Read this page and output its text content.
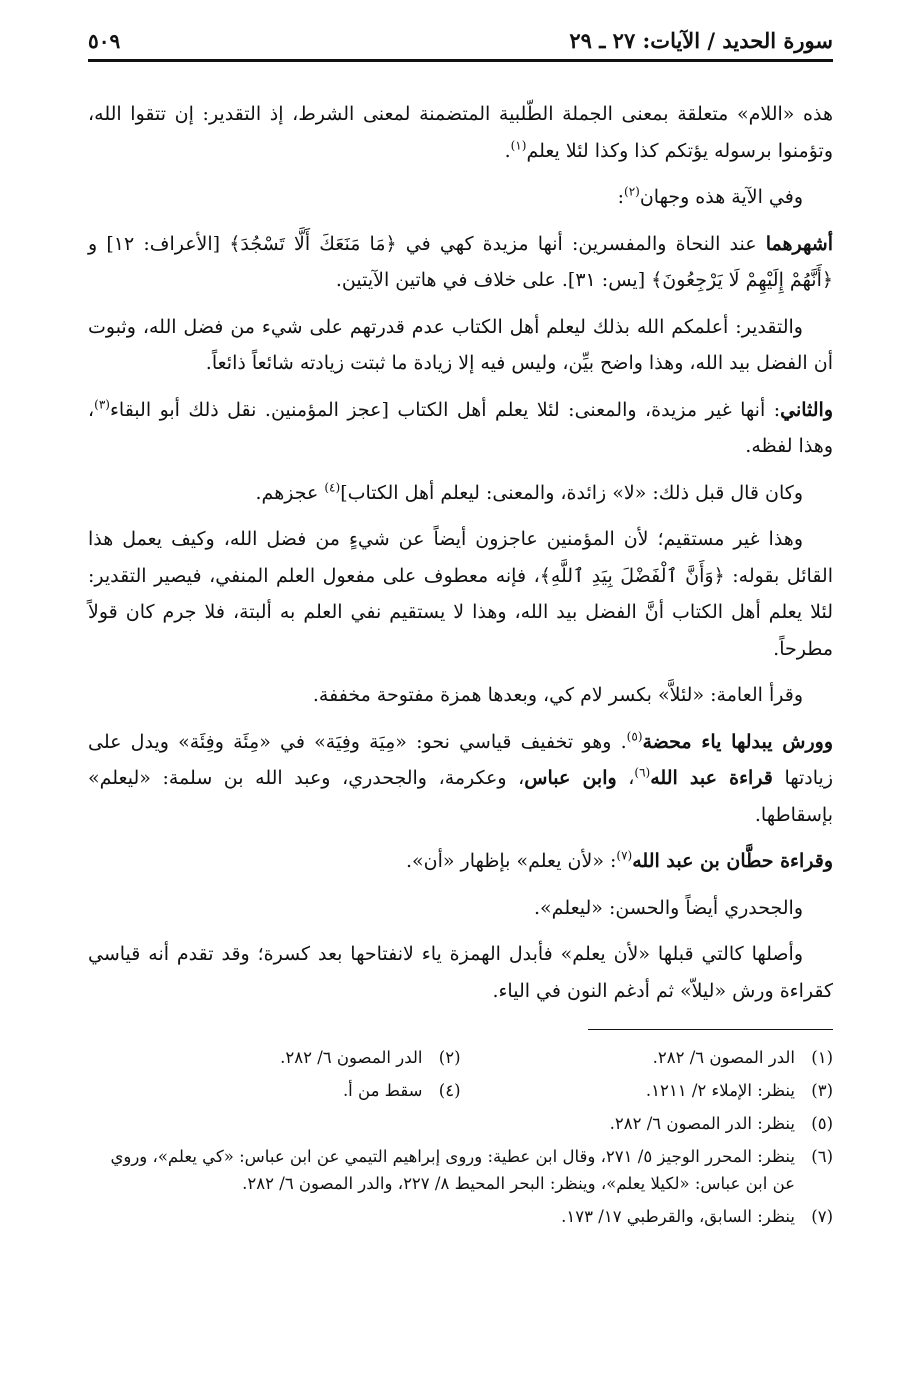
سورة الحديد / الآيات: ٢٧ ـ ٢٩
٥٠٩

هذه «اللام» متعلقة بمعنى الجملة الطّلبية المتضمنة لمعنى الشرط، إذ التقدير: إن تتقوا الله، وتؤمنوا برسوله يؤتكم كذا وكذا لئلا يعلم$^{(١)}$.

وفي الآية هذه وجهان$^{(٢)}$:

أشهرهما عند النحاة والمفسرين: أنها مزيدة كهي في ﴿مَا مَنَعَكَ أَلَّا تَسْجُدَ﴾ [الأعراف: ١٢] و ﴿أَنَّهُمْ إِلَيْهِمْ لَا يَرْجِعُونَ﴾ [يس: ٣١]. على خلاف في هاتين الآيتين.

والتقدير: أعلمكم الله بذلك ليعلم أهل الكتاب عدم قدرتهم على شيء من فضل الله، وثبوت أن الفضل بيد الله، وهذا واضح بيِّن، وليس فيه إلا زيادة ما ثبتت زيادته شائعاً ذائعاً.

والثاني: أنها غير مزيدة، والمعنى: لئلا يعلم أهل الكتاب [عجز المؤمنين. نقل ذلك أبو البقاء$^{(٣)}$، وهذا لفظه.

وكان قال قبل ذلك: «لا» زائدة، والمعنى: ليعلم أهل الكتاب]$^{(٤)}$ عجزهم.

وهذا غير مستقيم؛ لأن المؤمنين عاجزون أيضاً عن شيءٍ من فضل الله، وكيف يعمل هذا القائل بقوله: ﴿وَأَنَّ ٱلْفَضْلَ بِيَدِ ٱللَّهِ﴾، فإنه معطوف على مفعول العلم المنفي، فيصير التقدير: لئلا يعلم أهل الكتاب أنَّ الفضل بيد الله، وهذا لا يستقيم نفي العلم به ألبتة، فلا جرم كان قولاً مطرحاً.

وقرأ العامة: «لئلاَّ» بكسر لام كي، وبعدها همزة مفتوحة مخففة.

وورش يبدلها ياء محضة$^{(٥)}$. وهو تخفيف قياسي نحو: «مِيَة وفِيَة» في «مِئَة وفِئَة» ويدل على زيادتها قراءة عبد الله$^{(٦)}$، وابن عباس، وعكرمة، والجحدري، وعبد الله بن سلمة: «ليعلم» بإسقاطها.

وقراءة حطَّان بن عبد الله$^{(٧)}$: «لأن يعلم» بإظهار «أن».

والجحدري أيضاً والحسن: «ليعلم».

وأصلها كالتي قبلها «لأن يعلم» فأبدل الهمزة ياء لانفتاحها بعد كسرة؛ وقد تقدم أنه قياسي كقراءة ورش «ليلاّ» ثم أدغم النون في الياء.

(١)الدر المصون ٦/ ٢٨٢.
(٢)الدر المصون ٦/ ٢٨٢.
(٣)ينظر: الإملاء ٢/ ١٢١١.
(٤)سقط من أ.
(٥)ينظر: الدر المصون ٦/ ٢٨٢.
(٦)ينظر: المحرر الوجيز ٥/ ٢٧١، وقال ابن عطية: وروى إبراهيم التيمي عن ابن عباس: «كي يعلم»، وروي عن ابن عباس: «لكيلا يعلم»، وينظر: البحر المحيط ٨/ ٢٢٧، والدر المصون ٦/ ٢٨٢.
(٧)ينظر: السابق، والقرطبي ١٧/ ١٧٣.
